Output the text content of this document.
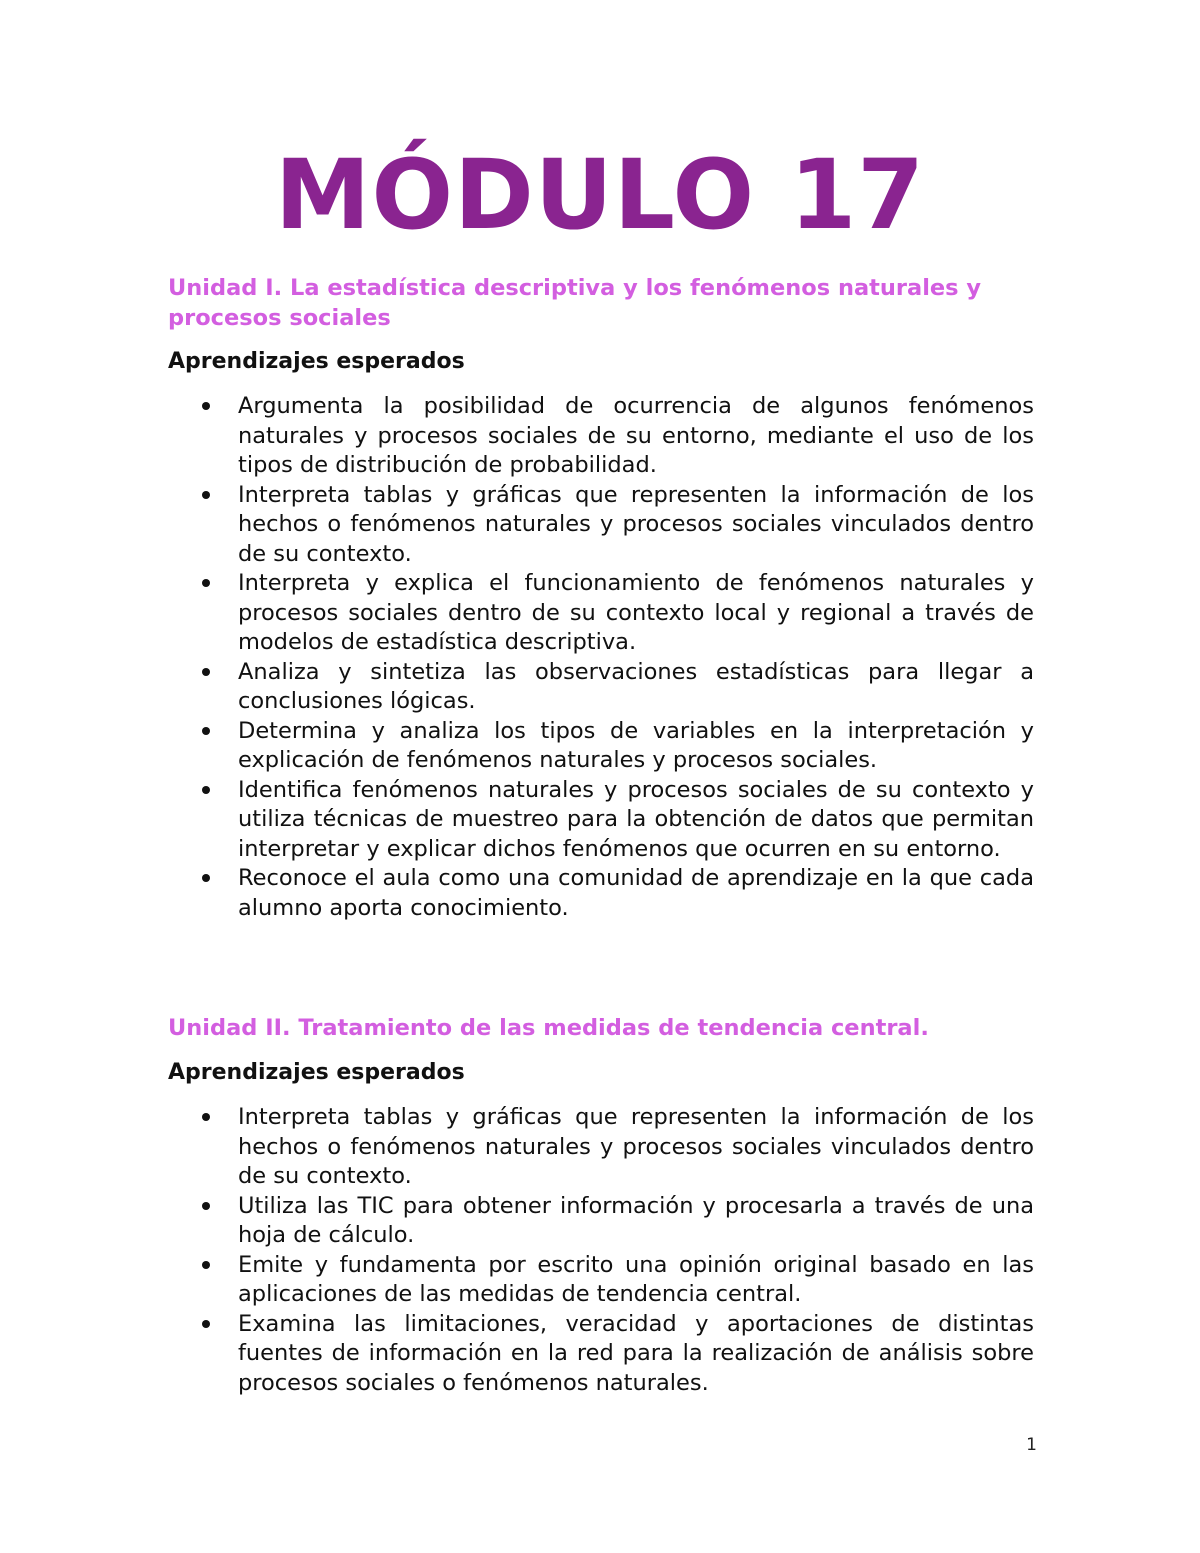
MÓDULO 17
Unidad I. La estadística descriptiva y los fenómenos naturales y procesos sociales
Aprendizajes esperados
Argumenta la posibilidad de ocurrencia de algunos fenómenos naturales y procesos sociales de su entorno, mediante el uso de los tipos de distribución de probabilidad.
Interpreta tablas y gráficas que representen la información de los hechos o fenómenos naturales y procesos sociales vinculados dentro de su contexto.
Interpreta y explica el funcionamiento de fenómenos naturales y procesos sociales dentro de su contexto local y regional a través de modelos de estadística descriptiva.
Analiza y sintetiza las observaciones estadísticas para llegar a conclusiones lógicas.
Determina y analiza los tipos de variables en la interpretación y explicación de fenómenos naturales y procesos sociales.
Identifica fenómenos naturales y procesos sociales de su contexto y utiliza técnicas de muestreo para la obtención de datos que permitan interpretar y explicar dichos fenómenos que ocurren en su entorno.
Reconoce el aula como una comunidad de aprendizaje en la que cada alumno aporta conocimiento.
Unidad II. Tratamiento de las medidas de tendencia central.
Aprendizajes esperados
Interpreta tablas y gráficas que representen la información de los hechos o fenómenos naturales y procesos sociales vinculados dentro de su contexto.
Utiliza las TIC para obtener información y procesarla a través de una hoja de cálculo.
Emite y fundamenta por escrito una opinión original basado en las aplicaciones de las medidas de tendencia central.
Examina las limitaciones, veracidad y aportaciones de distintas fuentes de información en la red para la realización de análisis sobre procesos sociales o fenómenos naturales.
1
